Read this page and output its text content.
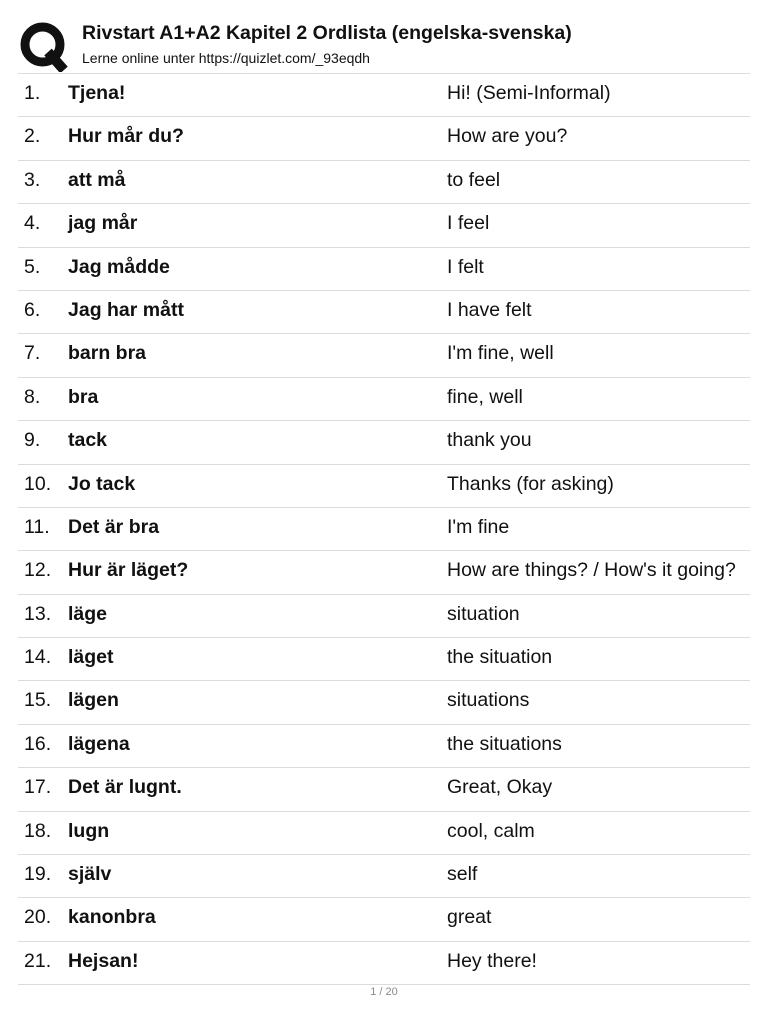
Rivstart A1+A2 Kapitel 2 Ordlista (engelska-svenska)
Lerne online unter https://quizlet.com/_93eqdh
1. Tjena!	Hi! (Semi-Informal)
2. Hur mår du?	How are you?
3. att må	to feel
4. jag mår	I feel
5. Jag mådde	I felt
6. Jag har mått	I have felt
7. barn bra	I'm fine, well
8. bra	fine, well
9. tack	thank you
10. Jo tack	Thanks (for asking)
11. Det är bra	I'm fine
12. Hur är läget?	How are things? / How's it going?
13. läge	situation
14. läget	the situation
15. lägen	situations
16. lägena	the situations
17. Det är lugnt.	Great, Okay
18. lugn	cool, calm
19. själv	self
20. kanonbra	great
21. Hejsan!	Hey there!
1 / 20
